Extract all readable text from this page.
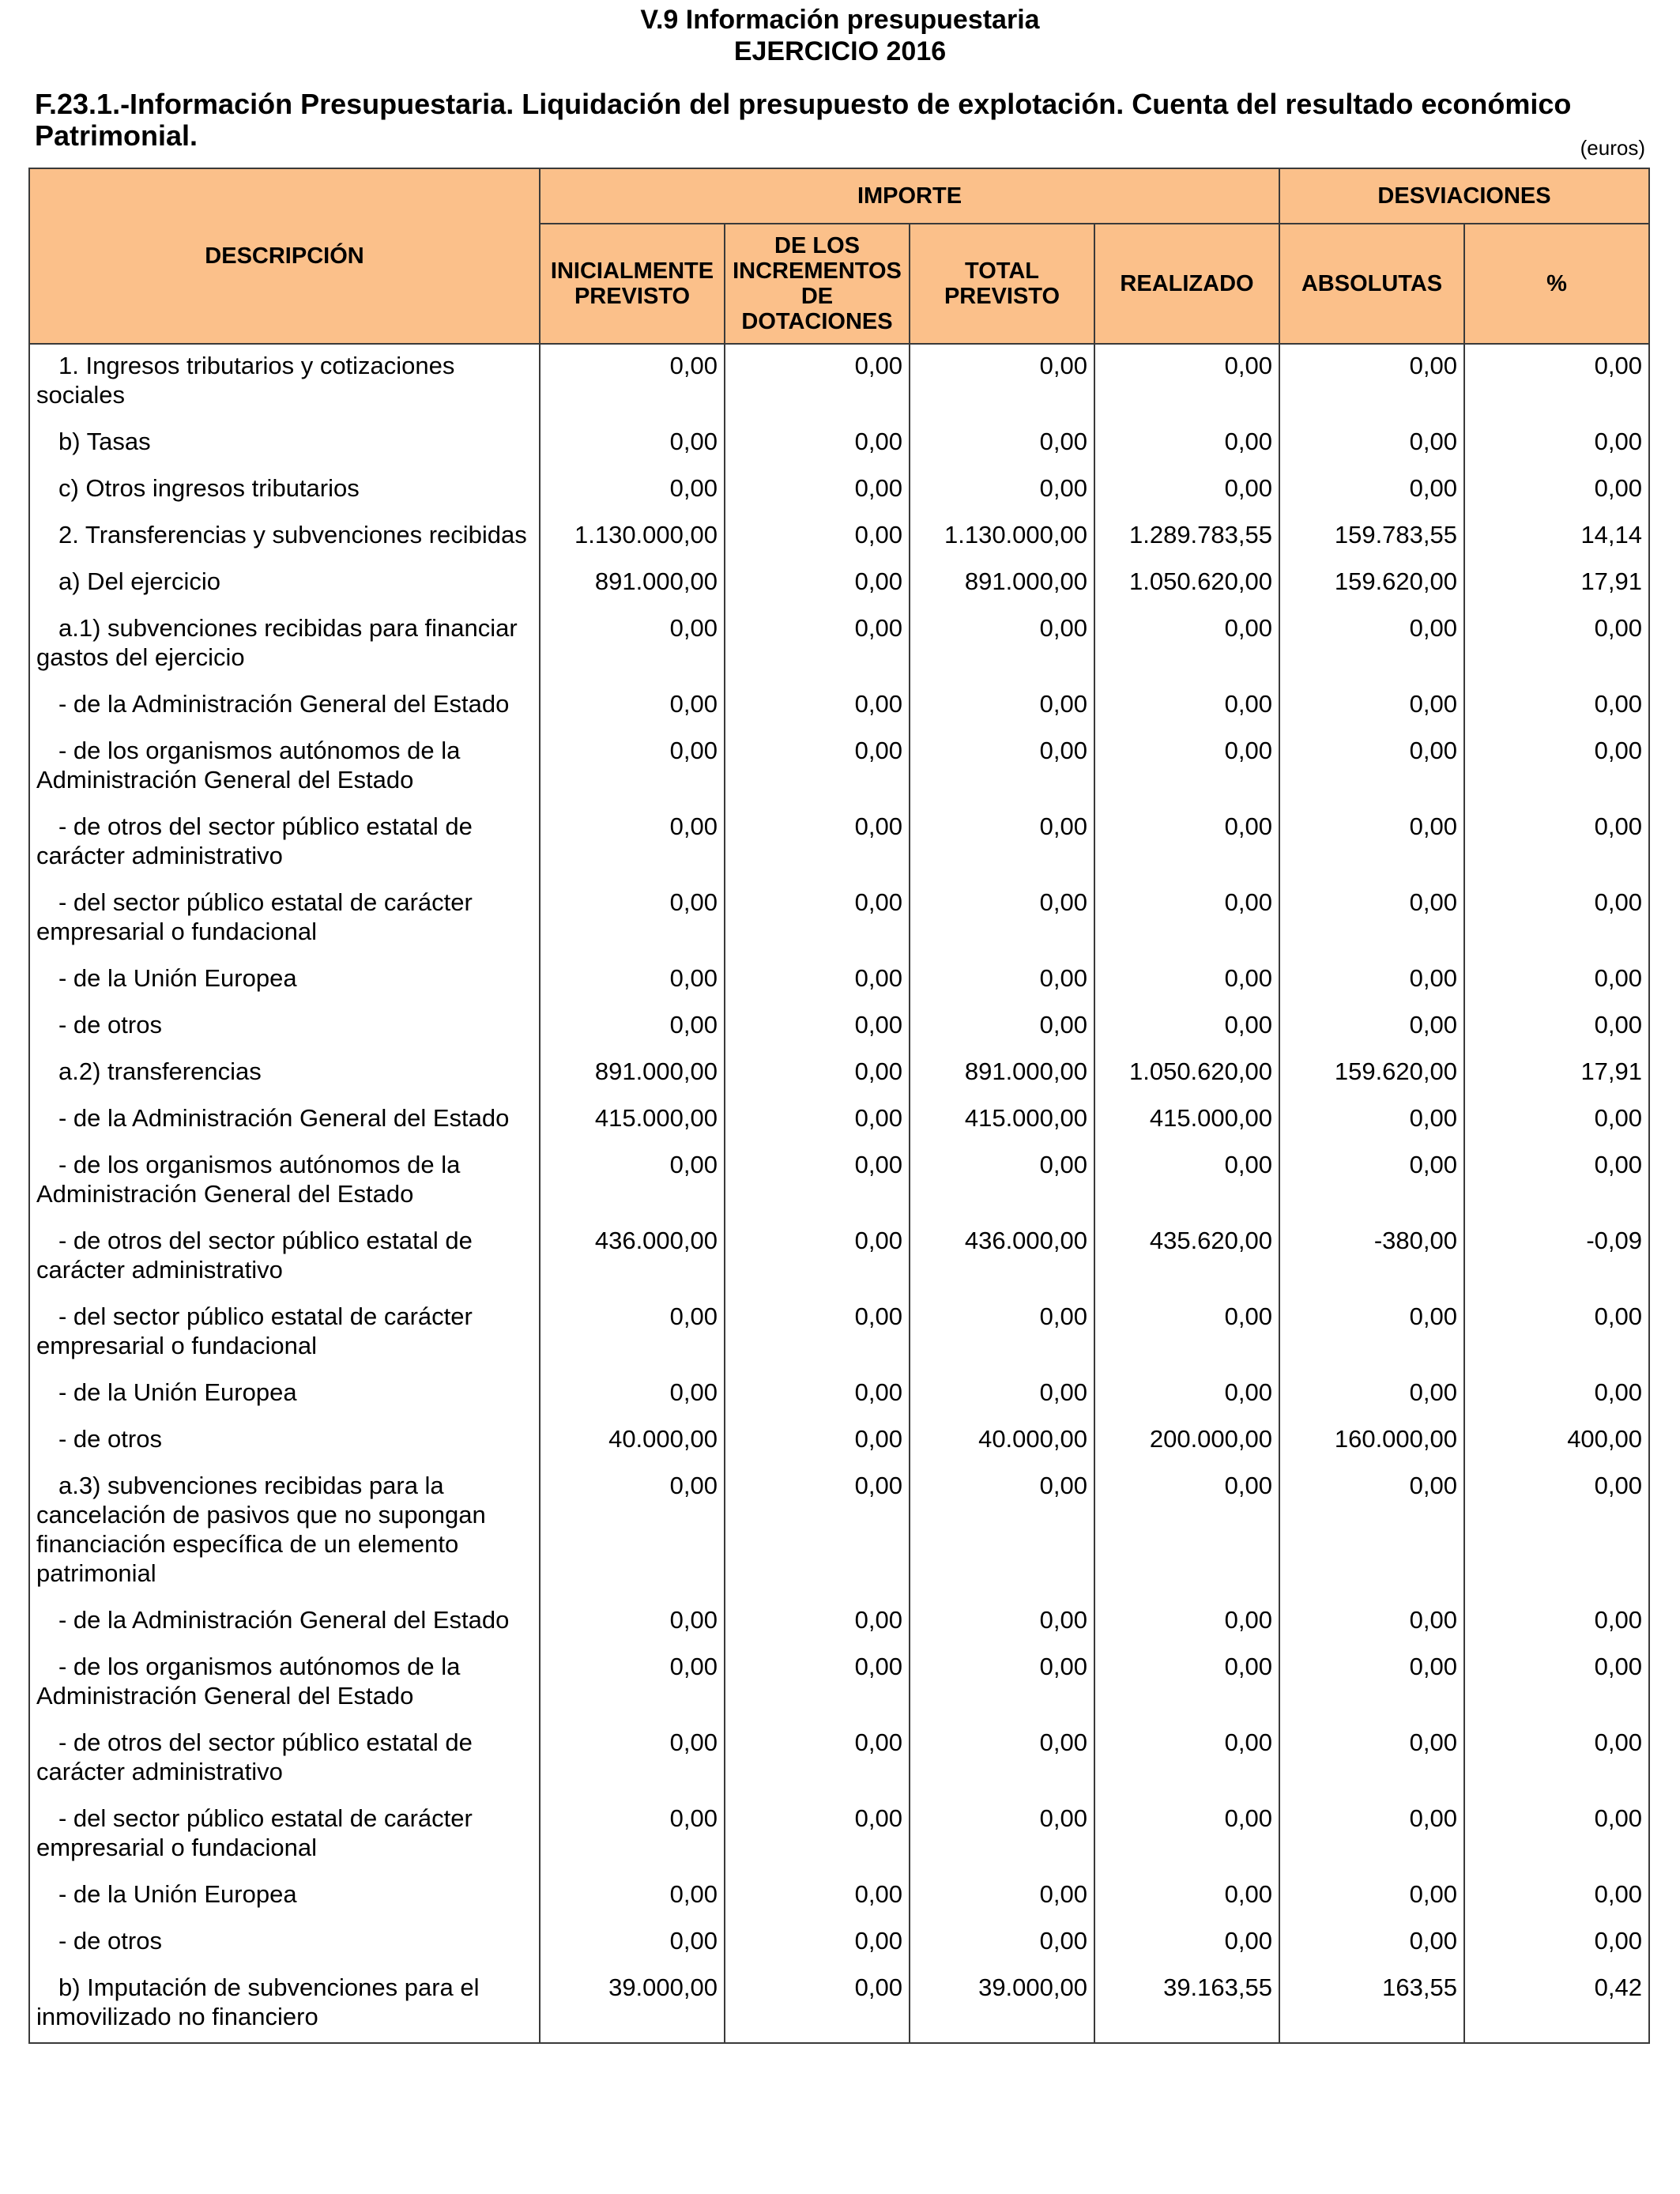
V.9 Información presupuestaria
EJERCICIO 2016
F.23.1.-Información Presupuestaria. Liquidación del presupuesto de explotación. Cuenta del resultado económico Patrimonial.	(euros)
DESCRIPCIÓN	IMPORTE				DESVIACIONES	
	INICIALMENTE PREVISTO	DE LOS INCREMENTOS DE DOTACIONES	TOTAL PREVISTO	REALIZADO	ABSOLUTAS	%
1. Ingresos tributarios y cotizaciones sociales	0,00	0,00	0,00	0,00	0,00	0,00
b) Tasas	0,00	0,00	0,00	0,00	0,00	0,00
c) Otros ingresos tributarios	0,00	0,00	0,00	0,00	0,00	0,00
2. Transferencias y subvenciones recibidas	1.130.000,00	0,00	1.130.000,00	1.289.783,55	159.783,55	14,14
a) Del ejercicio	891.000,00	0,00	891.000,00	1.050.620,00	159.620,00	17,91
a.1) subvenciones recibidas para financiar gastos del ejercicio	0,00	0,00	0,00	0,00	0,00	0,00
- de la Administración General del Estado	0,00	0,00	0,00	0,00	0,00	0,00
- de los organismos autónomos de la Administración General del Estado	0,00	0,00	0,00	0,00	0,00	0,00
- de otros del sector público estatal de carácter administrativo	0,00	0,00	0,00	0,00	0,00	0,00
- del sector público estatal de carácter empresarial o fundacional	0,00	0,00	0,00	0,00	0,00	0,00
- de la Unión Europea	0,00	0,00	0,00	0,00	0,00	0,00
- de otros	0,00	0,00	0,00	0,00	0,00	0,00
a.2) transferencias	891.000,00	0,00	891.000,00	1.050.620,00	159.620,00	17,91
- de la Administración General del Estado	415.000,00	0,00	415.000,00	415.000,00	0,00	0,00
- de los organismos autónomos de la Administración General del Estado	0,00	0,00	0,00	0,00	0,00	0,00
- de otros del sector público estatal de carácter administrativo	436.000,00	0,00	436.000,00	435.620,00	-380,00	-0,09
- del sector público estatal de carácter empresarial o fundacional	0,00	0,00	0,00	0,00	0,00	0,00
- de la Unión Europea	0,00	0,00	0,00	0,00	0,00	0,00
- de otros	40.000,00	0,00	40.000,00	200.000,00	160.000,00	400,00
a.3) subvenciones recibidas para la cancelación de pasivos que no supongan financiación específica de un elemento patrimonial	0,00	0,00	0,00	0,00	0,00	0,00
- de la Administración General del Estado	0,00	0,00	0,00	0,00	0,00	0,00
- de los organismos autónomos de la Administración General del Estado	0,00	0,00	0,00	0,00	0,00	0,00
- de otros del sector público estatal de carácter administrativo	0,00	0,00	0,00	0,00	0,00	0,00
- del sector público estatal de carácter empresarial o fundacional	0,00	0,00	0,00	0,00	0,00	0,00
- de la Unión Europea	0,00	0,00	0,00	0,00	0,00	0,00
- de otros	0,00	0,00	0,00	0,00	0,00	0,00
b) Imputación de subvenciones para el inmovilizado no financiero	39.000,00	0,00	39.000,00	39.163,55	163,55	0,42
